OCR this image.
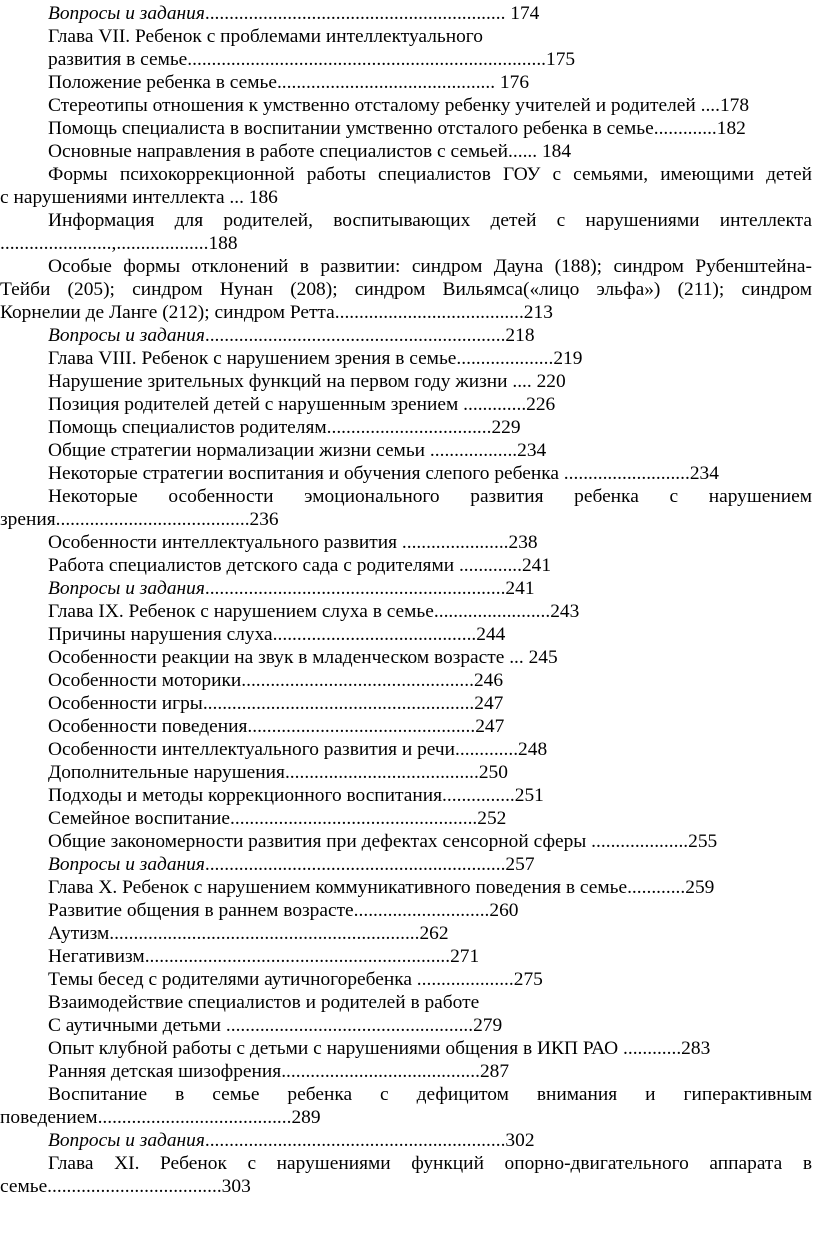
Вопросы и задания.............................................................. 174
Глава VII. Ребенок с проблемами интеллектуального
развития в семье..........................................................................175
Положение ребенка в семье............................................. 176
Стереотипы отношения к умственно отсталому ребенку учителей и родителей ....178
Помощь специалиста в воспитании умственно отсталого ребенка в семье.............182
Основные направления в работе специалистов с семьей...... 184
Формы психокоррекционной работы специалистов ГОУ с семьями, имеющими детей
с нарушениями интеллекта ... 186
Информация для родителей, воспитывающих детей с нарушениями интеллекта
.......................,...................188
Особые формы отклонений в развитии: синдром Дауна (188); синдром Рубенштейна-
Тейби (205); синдром Нунан (208); синдром Вильямса(«лицо эльфа») (211); синдром
Корнелии де Ланге (212); синдром Ретта.......................................213
Вопросы и задания..............................................................218
Глава VIII. Ребенок с нарушением зрения в семье....................219
Нарушение зрительных функций на первом году жизни .... 220
Позиция родителей детей с нарушенным зрением .............226
Помощь специалистов родителям..................................229
Общие стратегии нормализации жизни семьи ..................234
Некоторые стратегии воспитания и обучения слепого ребенка ..........................234
Некоторые особенности эмоционального развития ребенка с нарушением
зрения........................................236
Особенности интеллектуального развития ......................238
Работа специалистов детского сада с родителями .............241
Вопросы и задания..............................................................241
Глава IX. Ребенок с нарушением слуха в семье........................243
Причины нарушения слуха..........................................244
Особенности реакции на звук в младенческом возрасте ... 245
Особенности моторики................................................246
Особенности игры........................................................247
Особенности поведения...............................................247
Особенности интеллектуального развития и речи.............248
Дополнительные нарушения........................................250
Подходы и методы коррекционного воспитания...............251
Семейное воспитание...................................................252
Общие закономерности развития при дефектах сенсорной сферы ....................255
Вопросы и задания..............................................................257
Глава X. Ребенок с нарушением коммуникативного поведения в семье............259
Развитие общения в раннем возрасте............................260
Аутизм................................................................262
Негативизм...............................................................271
Темы бесед с родителями аутичногоребенка ....................275
Взаимодействие специалистов и родителей в работе
С аутичными детьми ...................................................279
Опыт клубной работы с детьми с нарушениями общения в ИКП РАО ............283
Ранняя детская шизофрения.........................................287
Воспитание в семье ребенка с дефицитом внимания и гиперактивным
поведением........................................289
Вопросы и задания..............................................................302
Глава XI. Ребенок с нарушениями функций опорно-двигательного аппарата в
семье....................................303
